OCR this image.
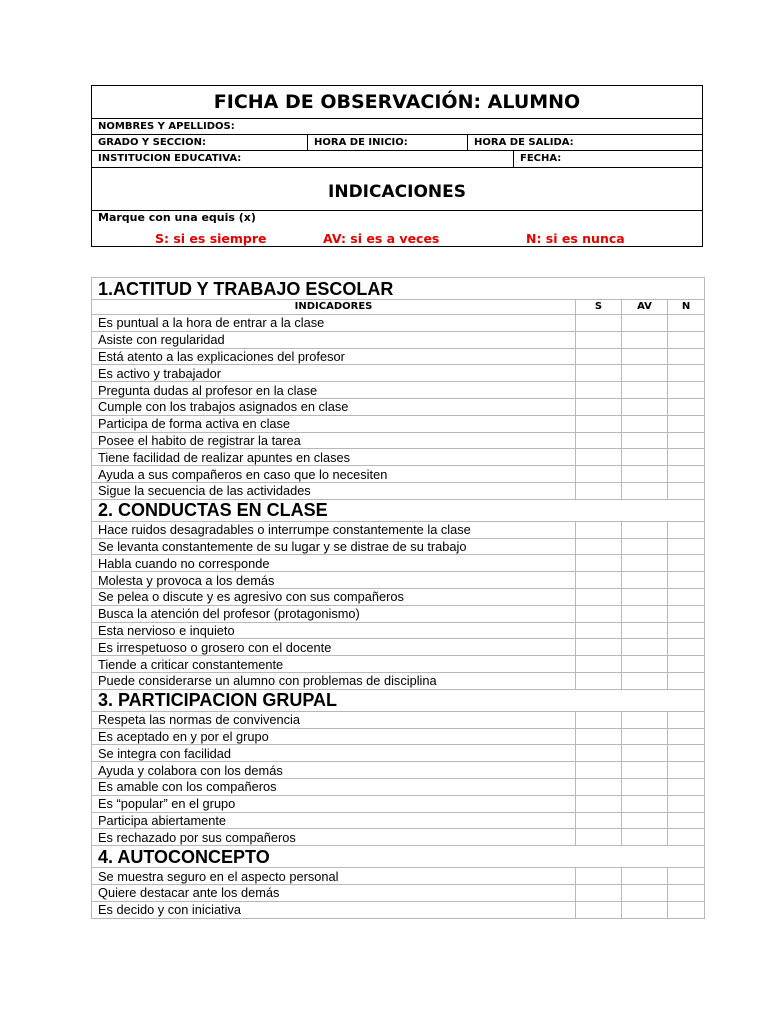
FICHA DE OBSERVACIÓN: ALUMNO
NOMBRES Y APELLIDOS:
GRADO Y SECCION:	HORA DE INICIO:	HORA DE SALIDA:
INSTITUCION EDUCATIVA:	FECHA:
INDICACIONES
Marque con una equis (x)
S: si es siempre	AV: si es a veces	N: si es nunca
1.ACTITUD Y TRABAJO ESCOLAR			
INDICADORES	S	AV	N
Es puntual a la hora de entrar a la clase			
Asiste con regularidad			
Está atento a las explicaciones del profesor			
Es activo y trabajador			
Pregunta dudas al profesor en la clase			
Cumple con los trabajos asignados en clase			
Participa de forma activa en clase			
Posee el habito de registrar la tarea			
Tiene facilidad de realizar apuntes en clases			
Ayuda a sus compañeros en caso que lo necesiten			
Sigue la secuencia de las actividades			
2. CONDUCTAS EN CLASE			
Hace ruidos desagradables o interrumpe constantemente la clase			
Se levanta constantemente de su lugar y se distrae de su trabajo			
Habla cuando no corresponde			
Molesta y provoca a los demás			
Se pelea o discute y es agresivo con sus compañeros			
Busca la atención del profesor (protagonismo)			
Esta nervioso e inquieto			
Es irrespetuoso o grosero con el docente			
Tiende a criticar constantemente			
Puede considerarse un alumno con problemas de disciplina			
3. PARTICIPACION GRUPAL			
Respeta las normas de convivencia			
Es aceptado en y por el grupo			
Se integra con facilidad			
Ayuda y colabora con los demás			
Es amable con los compañeros			
Es “popular” en el grupo			
Participa abiertamente			
Es rechazado por sus compañeros			
4. AUTOCONCEPTO			
Se muestra seguro en el aspecto personal			
Quiere destacar ante los demás			
Es decido y con iniciativa			
